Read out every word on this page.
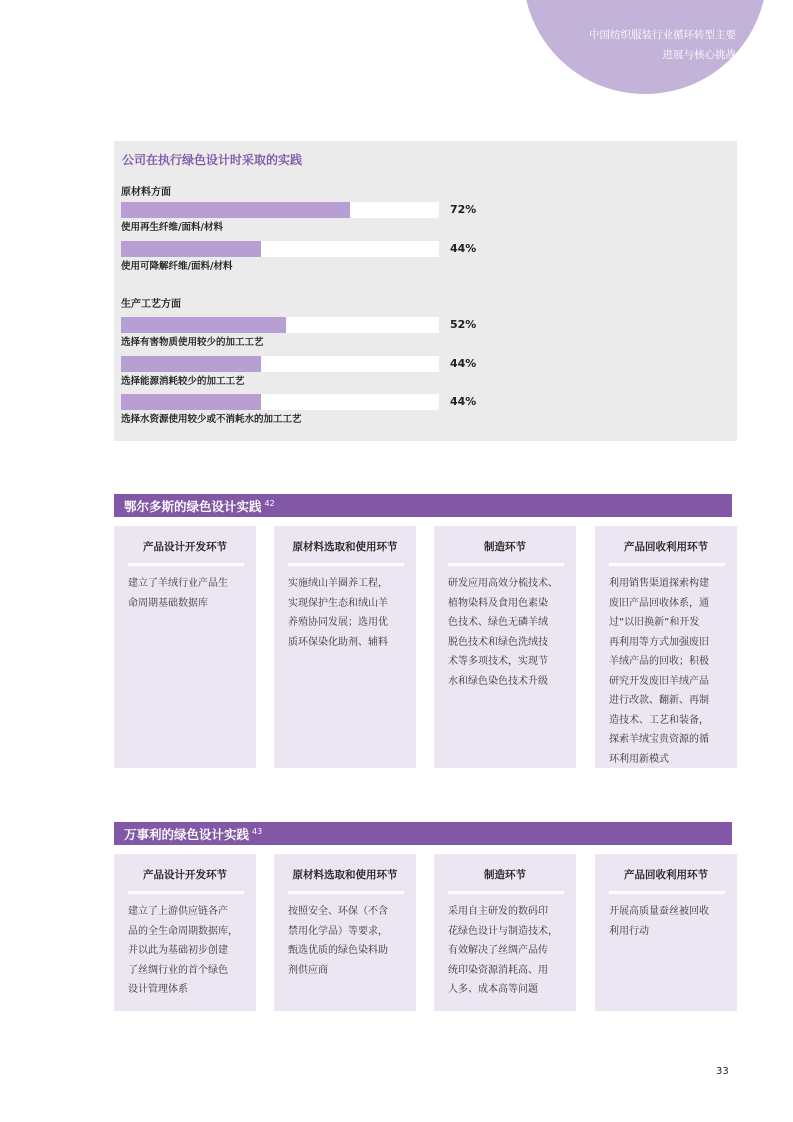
中国纺织服装行业循环转型主要
进展与核心挑战
公司在执行绿色设计时采取的实践
原材料方面
72%
使用再生纤维/面料/材料
44%
使用可降解纤维/面料/材料
生产工艺方面
52%
选择有害物质使用较少的加工工艺
44%
选择能源消耗较少的加工工艺
44%
选择水资源使用较少或不消耗水的加工工艺
鄂尔多斯的绿色设计实践 $^{42}$
产品设计开发环节
建立了羊绒行业产品生
命周期基础数据库
原材料选取和使用环节
实施绒山羊圈养工程，
实现保护生态和绒山羊
养殖协同发展；选用优
质环保染化助剂、辅料
制造环节
研发应用高效分梳技术、
植物染料及食用色素染
色技术、绿色无磷羊绒
脱色技术和绿色洗绒技
术等多项技术，实现节
水和绿色染色技术升级
产品回收利用环节
利用销售渠道探索构建
废旧产品回收体系，通
过“以旧换新”和开发
再利用等方式加强废旧
羊绒产品的回收；积极
研究开发废旧羊绒产品
进行改款、翻新、再制
造技术、工艺和装备，
探索羊绒宝贵资源的循
环利用新模式
万事利的绿色设计实践 $^{43}$
产品设计开发环节
建立了上游供应链各产
品的全生命周期数据库，
并以此为基础初步创建
了丝绸行业的首个绿色
设计管理体系
原材料选取和使用环节
按照安全、环保（不含
禁用化学品）等要求，
甄选优质的绿色染料助
剂供应商
制造环节
采用自主研发的数码印
花绿色设计与制造技术，
有效解决了丝绸产品传
统印染资源消耗高、用
人多、成本高等问题
产品回收利用环节
开展高质量蚕丝被回收
利用行动
33
